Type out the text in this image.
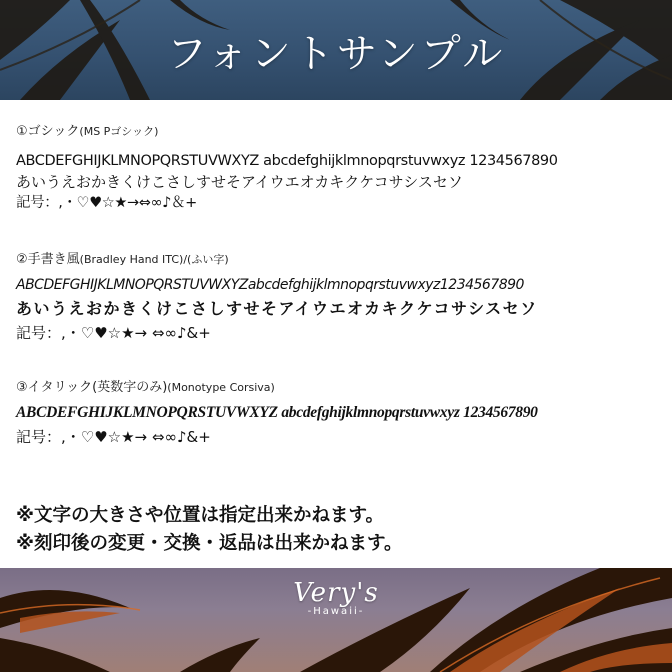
フォントサンプル
①ゴシック(MS Pゴシック)
ABCDEFGHIJKLMNOPQRSTUVWXYZ abcdefghijklmnopqrstuvwxyz 1234567890
あいうえおかきくけこさしすせそアイウエオカキクケコサシスセソ
記号：,・♡♥☆★→⇔∞♪＆+
②手書き風(Bradley Hand ITC)/(ふい字)
ABCDEFGHIJKLMNOPQRSTUVWXYZabcdefghijklmnopqrstuvwxyz1234567890
あいうえおかきくけこさしすせそアイウエオカキクケコサシスセソ
記号：,・♡♥☆★→ ⇔∞♪&+
③イタリック(英数字のみ)(Monotype Corsiva)
ABCDEFGHIJKLMNOPQRSTUVWXYZ abcdefghijklmnopqrstuvwxyz 1234567890
記号：,・♡♥☆★→ ⇔∞♪&+
※文字の大きさや位置は指定出来かねます。
※刻印後の変更・交換・返品は出来かねます。
Very's
-Hawaii-
